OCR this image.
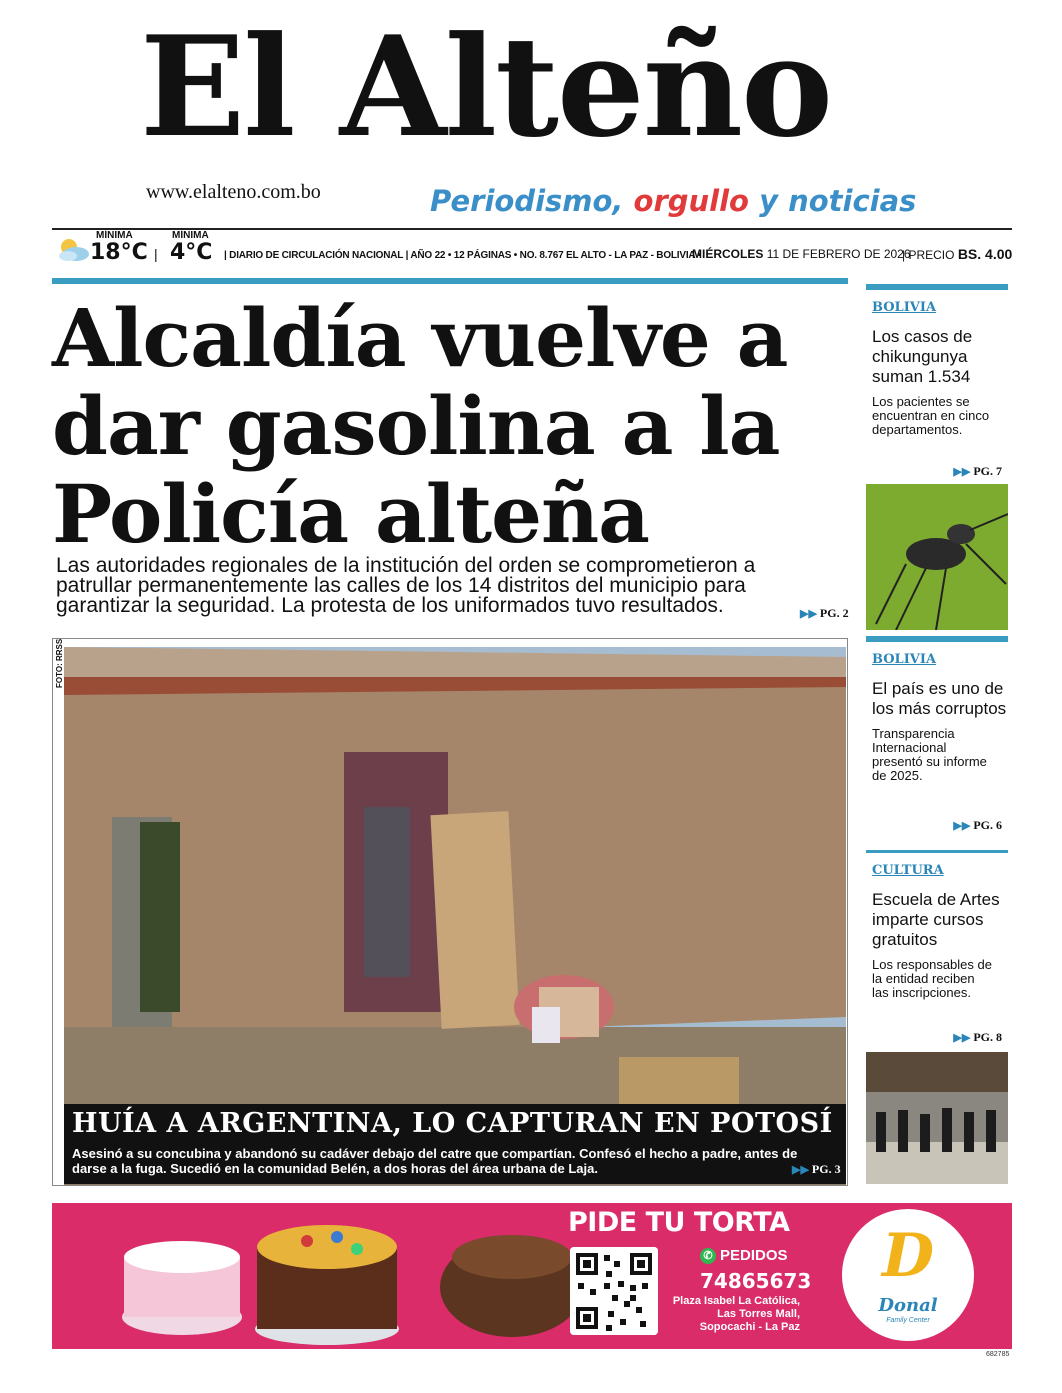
El Alteño
www.elalteno.com.bo	Periodismo, orgullo y noticias
MÍNIMA
18°C |
MÍNIMA
4°C | DIARIO DE CIRCULACIÓN NACIONAL | AÑO 22 • 12 PÁGINAS • NO. 8.767 EL ALTO - LA PAZ - BOLIVIA •
MIÉRCOLES 11 DE FEBRERO DE 2026
| PRECIO BS. 4.00
Alcaldía vuelve a dar gasolina a la Policía alteña
Las autoridades regionales de la institución del orden se comprometieron a patrullar permanentemente las calles de los 14 distritos del municipio para garantizar la seguridad. La protesta de los uniformados tuvo resultados.	▶▶ PG. 2
FOTO: RRSS
HUÍA A ARGENTINA, LO CAPTURAN EN POTOSÍ
Asesinó a su concubina y abandonó su cadáver debajo del catre que compartían. Confesó el hecho a padre, antes de darse a la fuga. Sucedió en la comunidad Belén, a dos horas del área urbana de Laja.	▶▶ PG. 3
BOLIVIA
Los casos de chikungunya suman 1.534
Los pacientes se encuentran en cinco departamentos.
▶▶ PG. 7
BOLIVIA
El país es uno de los más corruptos
Transparencia Internacional presentó su informe de 2025.
▶▶ PG. 6
CULTURA
Escuela de Artes imparte cursos gratuitos
Los responsables de la entidad reciben las inscripciones.
▶▶ PG. 8
PIDE TU TORTA
✆ PEDIDOS
74865673
Plaza Isabel La Católica, Las Torres Mall, Sopocachi - La Paz
D
Donal
Family Center
682785
